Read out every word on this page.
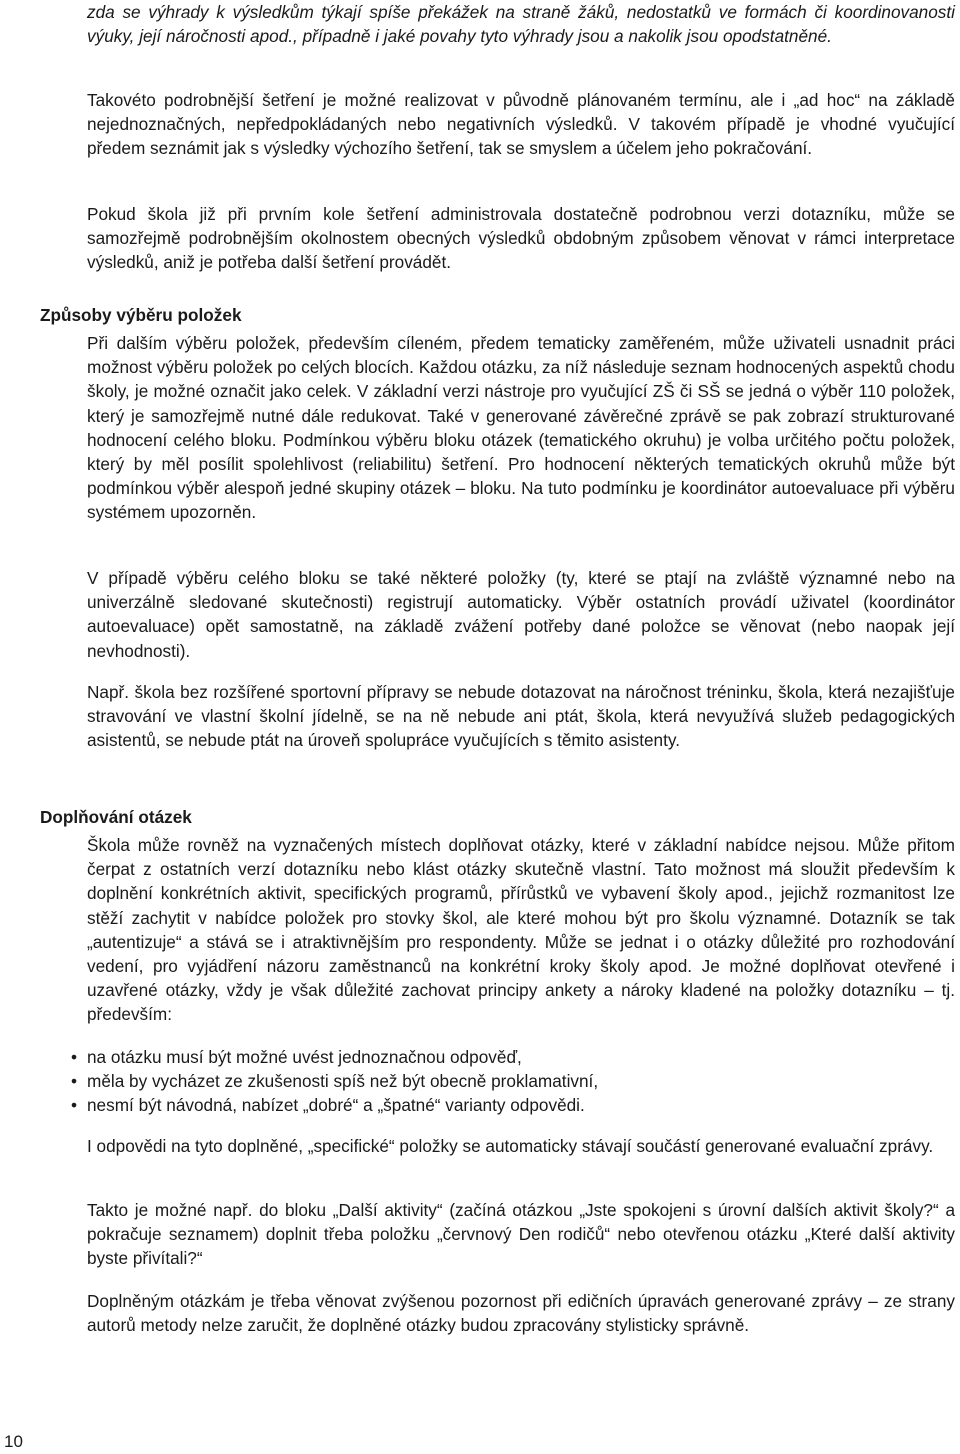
zda se výhrady k výsledkům týkají spíše překážek na straně žáků, nedostatků ve formách či koordinovanosti výuky, její náročnosti apod., případně i jaké povahy tyto výhrady jsou a nakolik jsou opodstatněné.

Takovéto podrobnější šetření je možné realizovat v původně plánovaném termínu, ale i „ad hoc“ na základě nejednoznačných, nepředpokládaných nebo negativních výsledků. V takovém případě je vhodné vyučující předem seznámit jak s výsledky výchozího šetření, tak se smyslem a účelem jeho pokračování.

Pokud škola již při prvním kole šetření administrovala dostatečně podrobnou verzi dotazníku, může se samozřejmě podrobnějším okolnostem obecných výsledků obdobným způsobem věnovat v rámci interpretace výsledků, aniž je potřeba další šetření provádět.

Způsoby výběru položek

Při dalším výběru položek, především cíleném, předem tematicky zaměřeném, může uživateli usnadnit práci možnost výběru položek po celých blocích. Každou otázku, za níž následuje seznam hodnocených aspektů chodu školy, je možné označit jako celek. V základní verzi nástroje pro vyučující ZŠ či SŠ se jedná o výběr 110 položek, který je samozřejmě nutné dále redukovat. Také v generované závěrečné zprávě se pak zobrazí strukturované hodnocení celého bloku. Podmínkou výběru bloku otázek (tematického okruhu) je volba určitého počtu položek, který by měl posílit spolehlivost (reliabilitu) šetření. Pro hodnocení některých tematických okruhů může být podmínkou výběr alespoň jedné skupiny otázek – bloku. Na tuto podmínku je koordinátor autoevaluace při výběru systémem upozorněn.

V případě výběru celého bloku se také některé položky (ty, které se ptají na zvláště významné nebo na univerzálně sledované skutečnosti) registrují automaticky. Výběr ostatních provádí uživatel (koordinátor autoevaluace) opět samostatně, na základě zvážení potřeby dané položce se věnovat (nebo naopak její nevhodnosti).

Např. škola bez rozšířené sportovní přípravy se nebude dotazovat na náročnost tréninku, škola, která nezajišťuje stravování ve vlastní školní jídelně, se na ně nebude ani ptát, škola, která nevyužívá služeb pedagogických asistentů, se nebude ptát na úroveň spolupráce vyučujících s těmito asistenty.

Doplňování otázek

Škola může rovněž na vyznačených místech doplňovat otázky, které v základní nabídce nejsou. Může přitom čerpat z ostatních verzí dotazníku nebo klást otázky skutečně vlastní. Tato možnost má sloužit především k doplnění konkrétních aktivit, specifických programů, přírůstků ve vybavení školy apod., jejichž rozmanitost lze stěží zachytit v nabídce položek pro stovky škol, ale které mohou být pro školu významné. Dotazník se tak „autentizuje“ a stává se i atraktivnějším pro respondenty. Může se jednat i o otázky důležité pro rozhodování vedení, pro vyjádření názoru zaměstnanců na konkrétní kroky školy apod. Je možné doplňovat otevřené i uzavřené otázky, vždy je však důležité zachovat principy ankety a nároky kladené na položky dotazníku – tj. především:

• na otázku musí být možné uvést jednoznačnou odpověď,
• měla by vycházet ze zkušenosti spíš než být obecně proklamativní,
• nesmí být návodná, nabízet „dobré“ a „špatné“ varianty odpovědi.

I odpovědi na tyto doplněné, „specifické“ položky se automaticky stávají součástí generované evaluační zprávy.

Takto je možné např. do bloku „Další aktivity“ (začíná otázkou „Jste spokojeni s úrovní dalších aktivit školy?“ a pokračuje seznamem) doplnit třeba položku „červnový Den rodičů“ nebo otevřenou otázku „Které další aktivity byste přivítali?“

Doplněným otázkám je třeba věnovat zvýšenou pozornost při edičních úpravách generované zprávy – ze strany autorů metody nelze zaručit, že doplněné otázky budou zpracovány stylisticky správně.

10
